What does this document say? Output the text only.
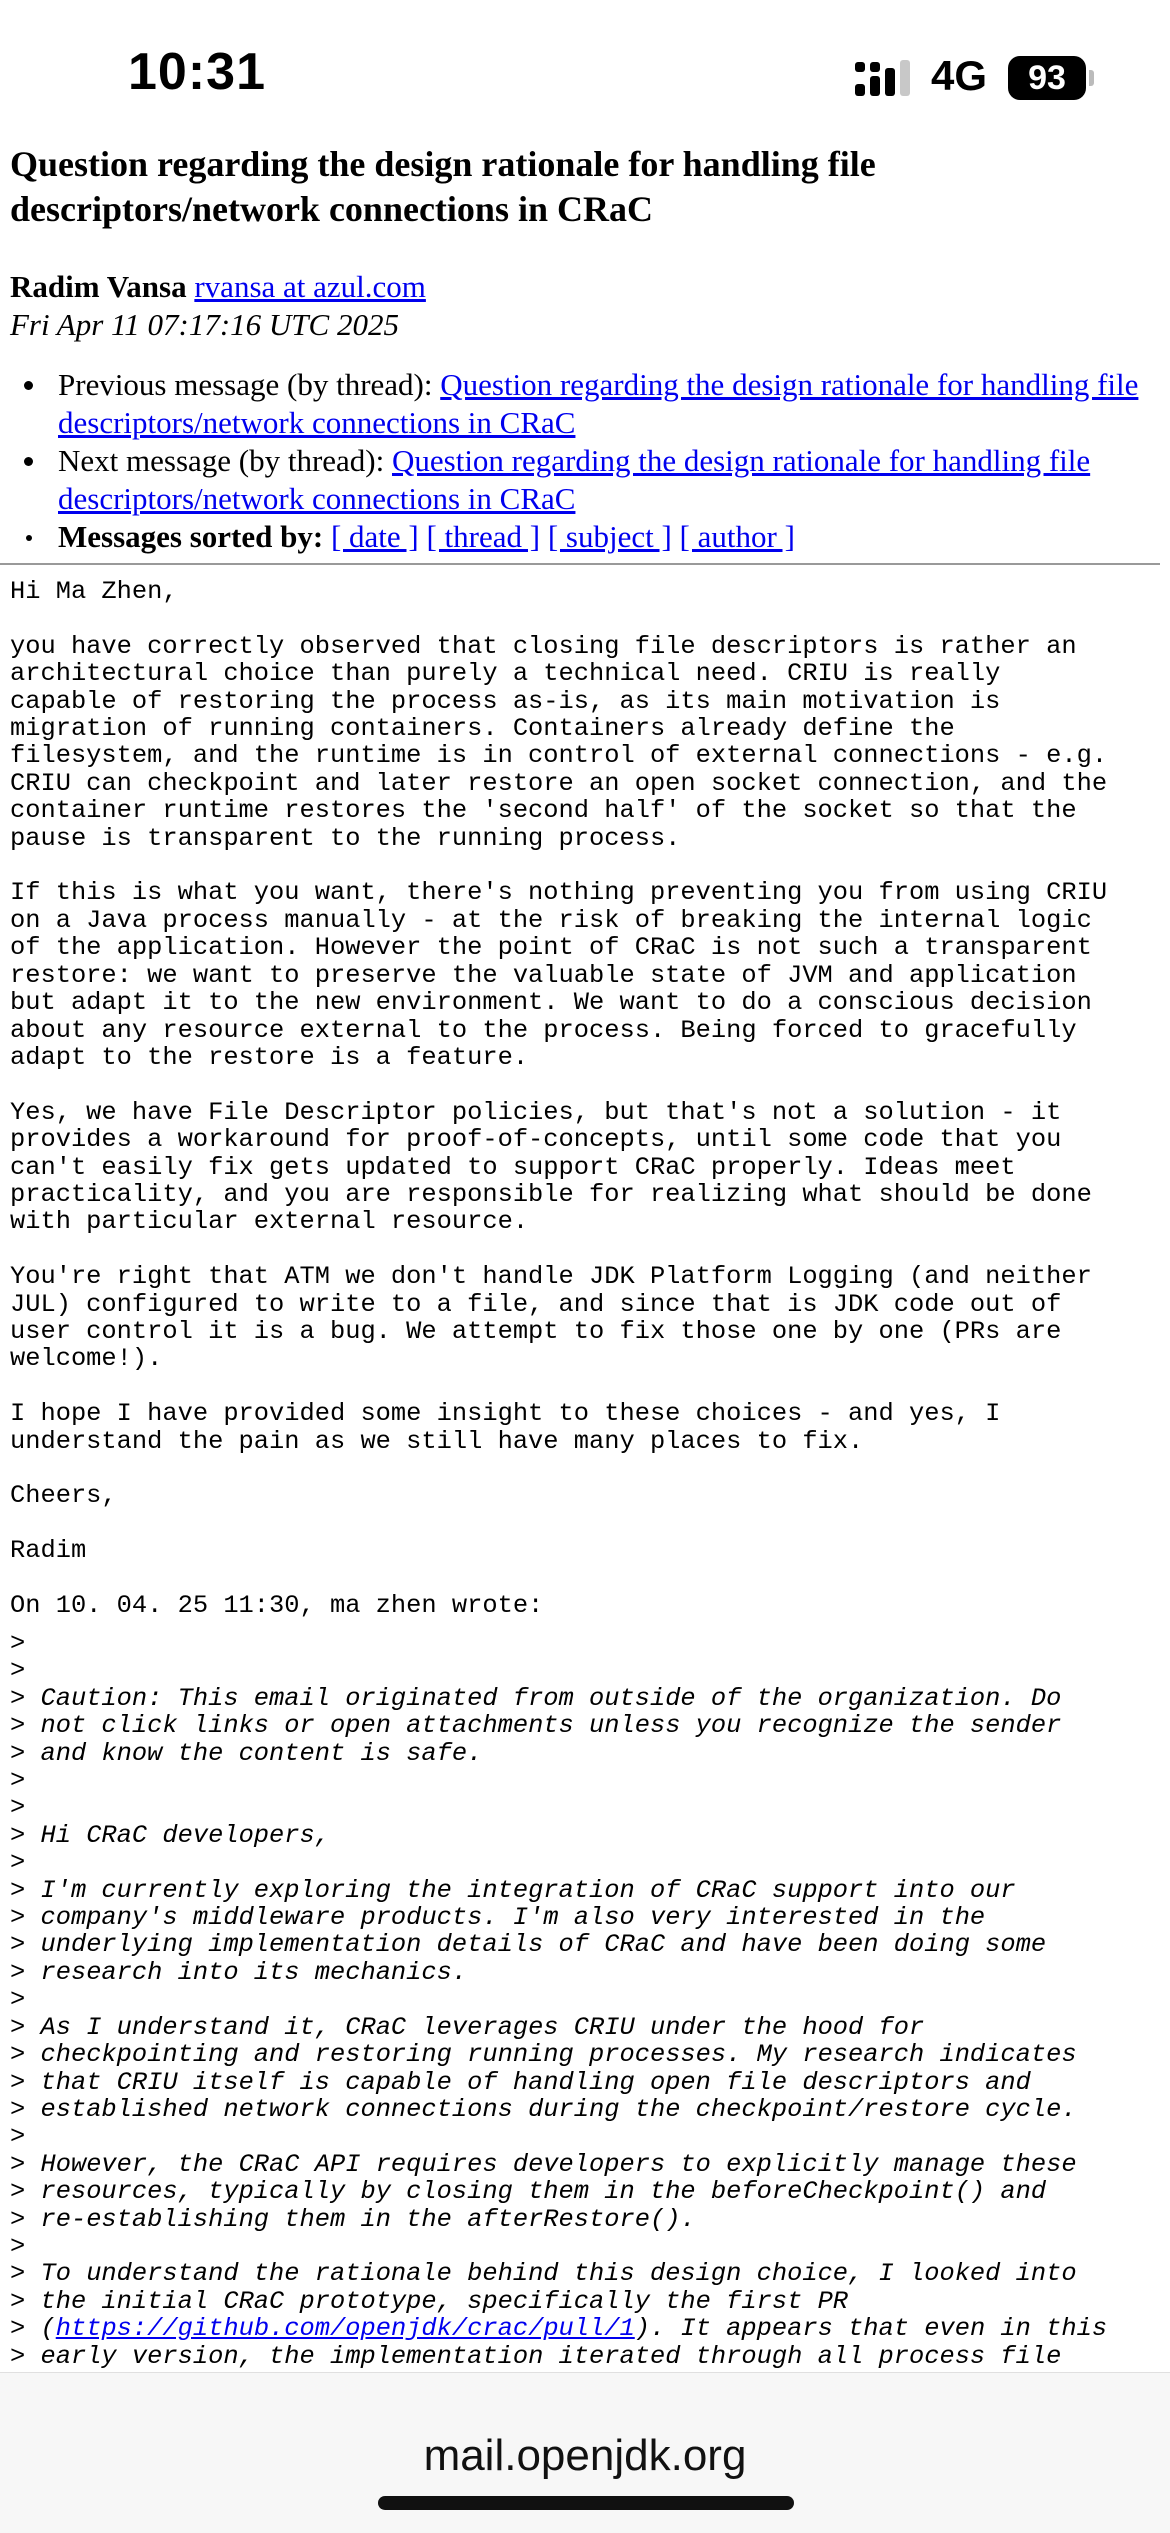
10:31	4G	93
Question regarding the design rationale for handling file descriptors/network connections in CRaC
Radim Vansa rvansa at azul.com
Fri Apr 11 07:17:16 UTC 2025
Previous message (by thread): Question regarding the design rationale for handling file descriptors/network connections in CRaC
Next message (by thread): Question regarding the design rationale for handling file descriptors/network connections in CRaC
Messages sorted by: [ date ] [ thread ] [ subject ] [ author ]
Hi Ma Zhen,

you have correctly observed that closing file descriptors is rather an
architectural choice than purely a technical need. CRIU is really
capable of restoring the process as-is, as its main motivation is
migration of running containers. Containers already define the
filesystem, and the runtime is in control of external connections - e.g.
CRIU can checkpoint and later restore an open socket connection, and the
container runtime restores the 'second half' of the socket so that the
pause is transparent to the running process.

If this is what you want, there's nothing preventing you from using CRIU
on a Java process manually - at the risk of breaking the internal logic
of the application. However the point of CRaC is not such a transparent
restore: we want to preserve the valuable state of JVM and application
but adapt it to the new environment. We want to do a conscious decision
about any resource external to the process. Being forced to gracefully
adapt to the restore is a feature.

Yes, we have File Descriptor policies, but that's not a solution - it
provides a workaround for proof-of-concepts, until some code that you
can't easily fix gets updated to support CRaC properly. Ideas meet
practicality, and you are responsible for realizing what should be done
with particular external resource.

You're right that ATM we don't handle JDK Platform Logging (and neither
JUL) configured to write to a file, and since that is JDK code out of
user control it is a bug. We attempt to fix those one by one (PRs are
welcome!).

I hope I have provided some insight to these choices - and yes, I
understand the pain as we still have many places to fix.

Cheers,

Radim

On 10. 04. 25 11:30, ma zhen wrote:
>
>
> Caution: This email originated from outside of the organization. Do
> not click links or open attachments unless you recognize the sender
> and know the content is safe.
>
>
> Hi CRaC developers,
>
> I'm currently exploring the integration of CRaC support into our
> company's middleware products. I'm also very interested in the
> underlying implementation details of CRaC and have been doing some
> research into its mechanics.
>
> As I understand it, CRaC leverages CRIU under the hood for
> checkpointing and restoring running processes. My research indicates
> that CRIU itself is capable of handling open file descriptors and
> established network connections during the checkpoint/restore cycle.
>
> However, the CRaC API requires developers to explicitly manage these
> resources, typically by closing them in the beforeCheckpoint() and
> re-establishing them in the afterRestore().
>
> To understand the rationale behind this design choice, I looked into
> the initial CRaC prototype, specifically the first PR
> (https://github.com/openjdk/crac/pull/1). It appears that even in this
> early version, the implementation iterated through all process file
mail.openjdk.org
